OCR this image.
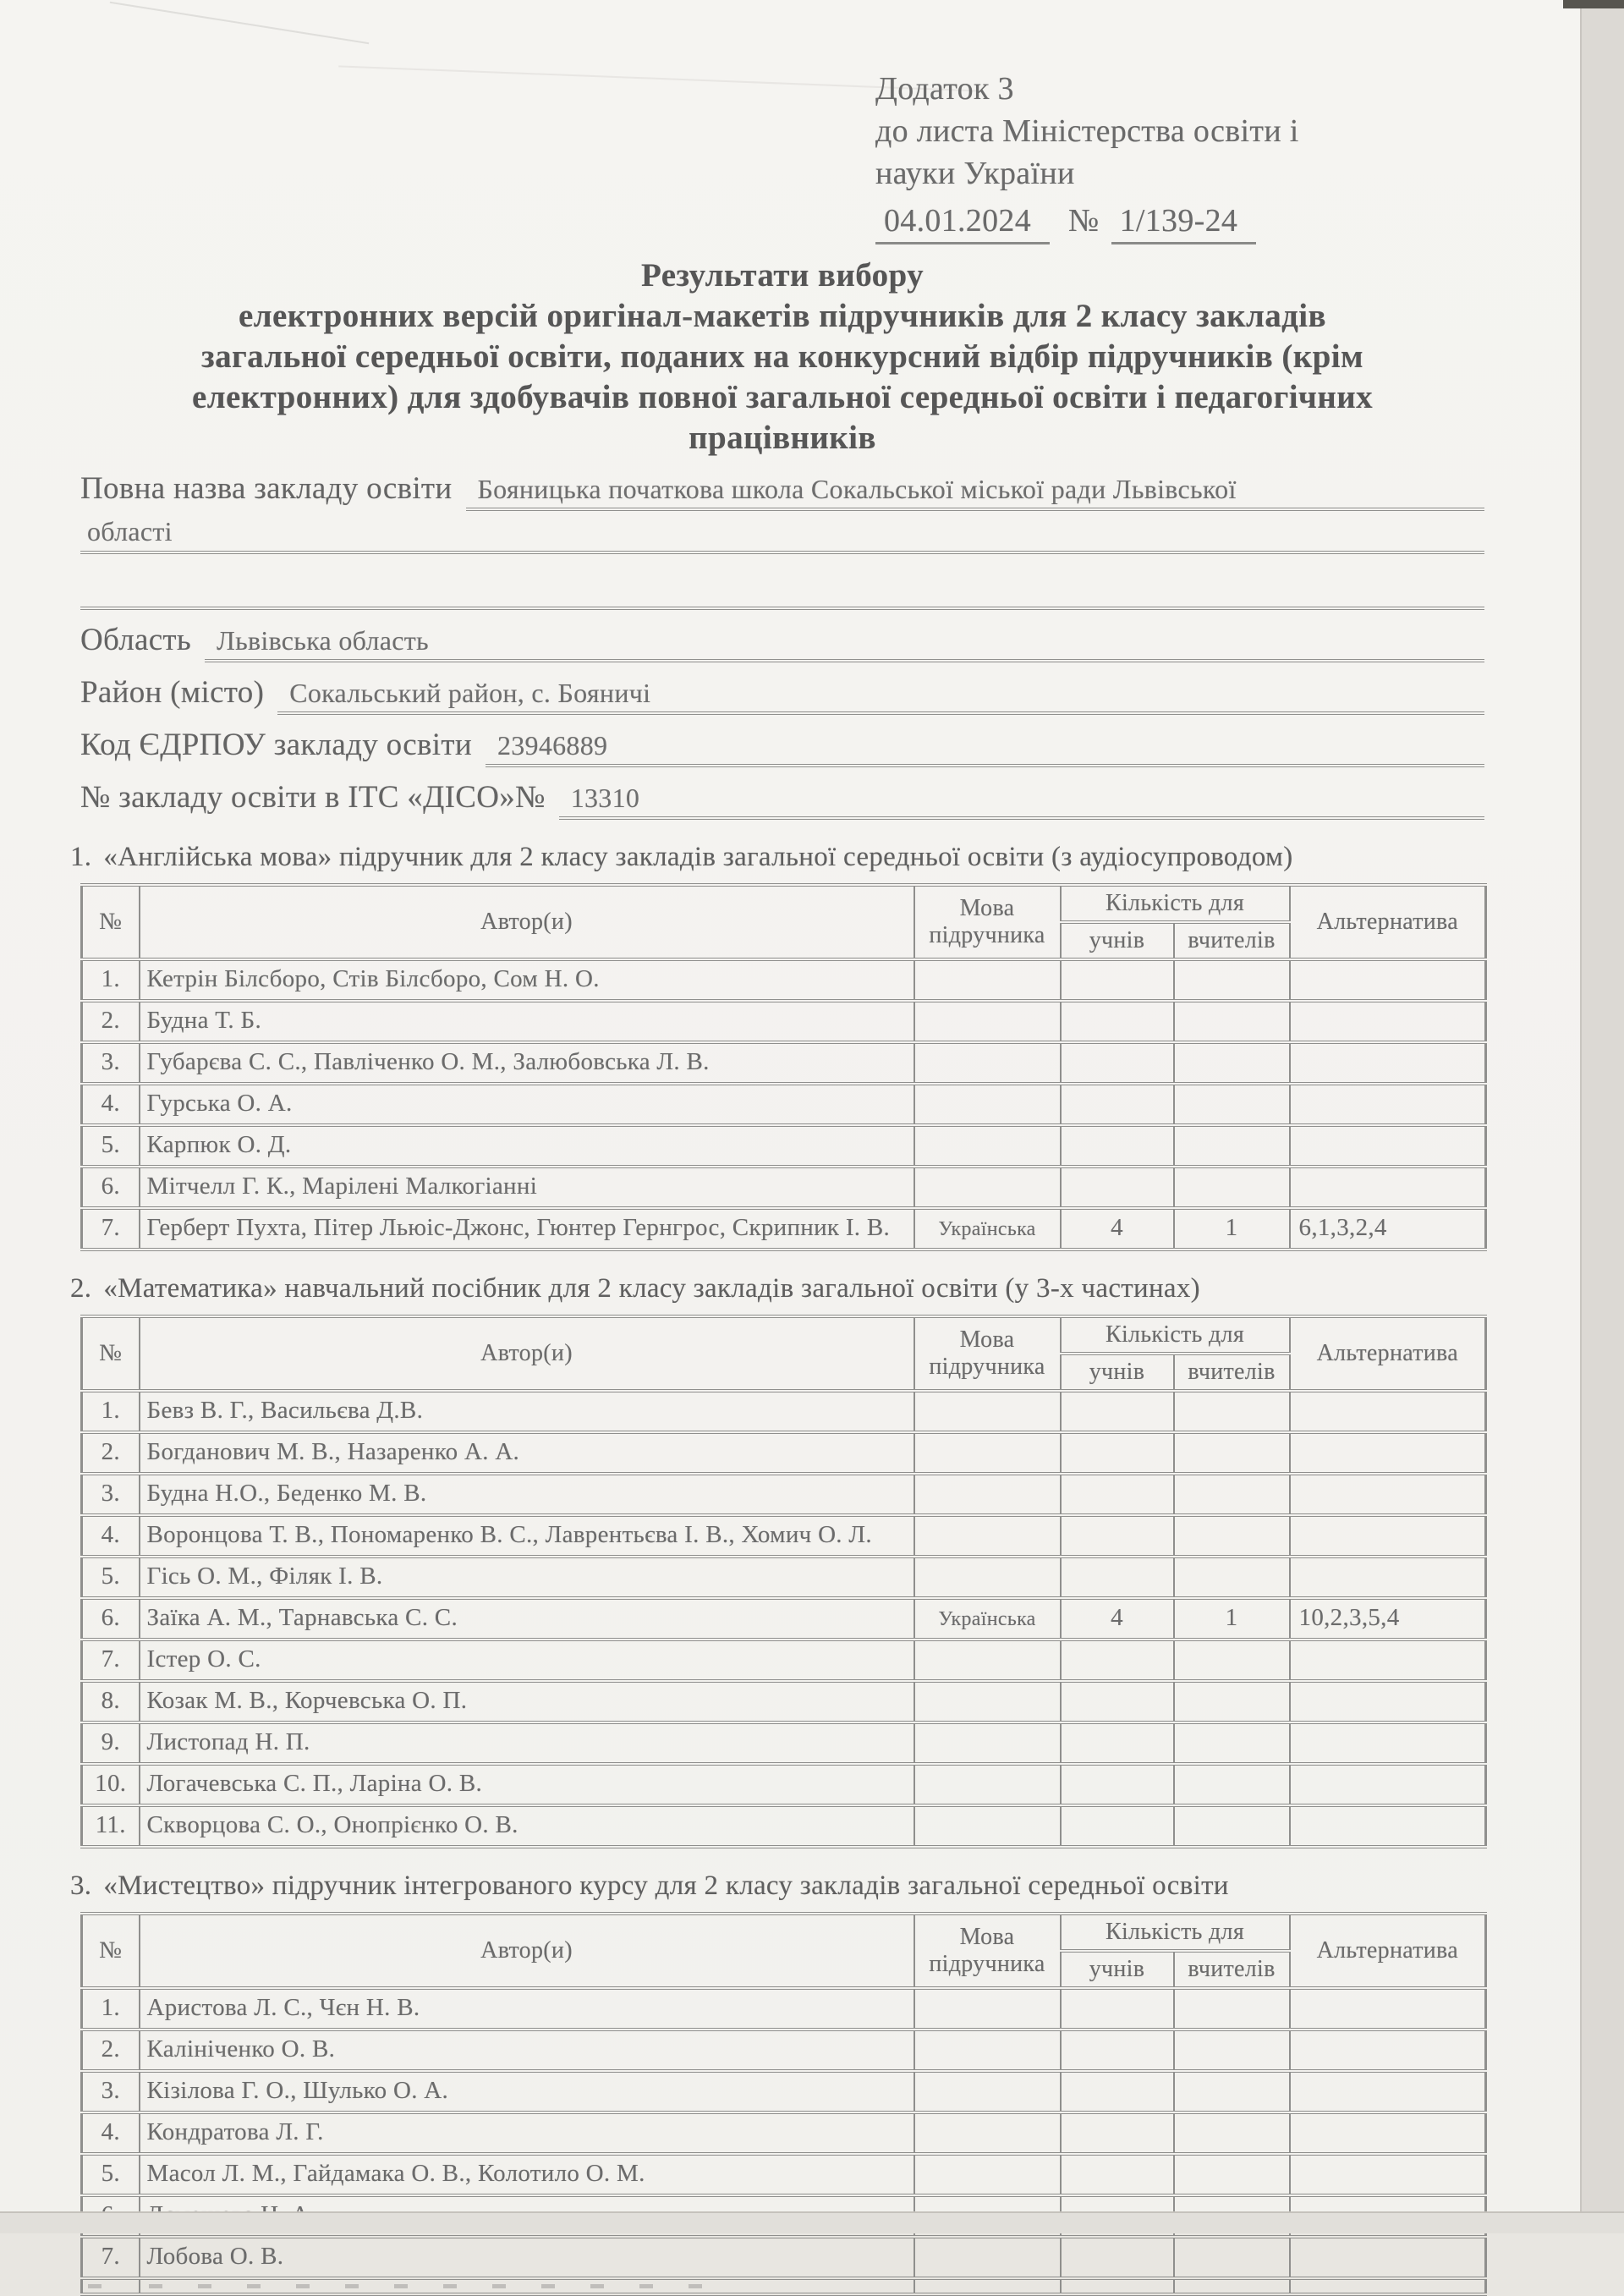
Додаток 3
до листа Міністерства освіти і
науки України
04.01.2024 № 1/139-24
Результати вибору
електронних версій оригінал-макетів підручників для 2 класу закладів
загальної середньої освіти, поданих на конкурсний відбір підручників (крім
електронних) для здобувачів повної загальної середньої освіти і педагогічних
працівників
Повна назва закладу освіти Бояницька початкова школа Сокальської міської ради Львівської
області
Область Львівська область
Район (місто) Сокальський район, с. Бояничі
Код ЄДРПОУ закладу освіти 23946889
№ закладу освіти в ІТС «ДІСО»№ 13310
1. «Англійська мова» підручник для 2 класу закладів загальної середньої освіти (з аудіосупроводом)
№	Автор(и)	Мова підручника	Кількість для		Альтернатива
			учнів	вчителів	
1.	Кетрін Білсборо, Стів Білсборо, Сом Н. О.				
2.	Будна Т. Б.				
3.	Губарєва С. С., Павліченко О. М., Залюбовська Л. В.				
4.	Гурська О. А.				
5.	Карпюк О. Д.				
6.	Мітчелл Г. К., Марілені Малкогіанні				
7.	Герберт Пухта, Пітер Льюіс-Джонс, Гюнтер Гернгрос, Скрипник І. В.	Українська	4	1	6,1,3,2,4
2. «Математика» навчальний посібник для 2 класу закладів загальної освіти (у 3-х частинах)
№	Автор(и)	Мова підручника	Кількість для		Альтернатива
			учнів	вчителів	
1.	Бевз В. Г., Васильєва Д.В.				
2.	Богданович М. В., Назаренко А. А.				
3.	Будна Н.О., Беденко М. В.				
4.	Воронцова Т. В., Пономаренко В. С., Лаврентьєва І. В., Хомич О. Л.				
5.	Гісь О. М., Філяк І. В.				
6.	Заїка А. М., Тарнавська С. С.	Українська	4	1	10,2,3,5,4
7.	Істер О. С.				
8.	Козак М. В., Корчевська О. П.				
9.	Листопад Н. П.				
10.	Логачевська С. П., Ларіна О. В.				
11.	Скворцова С. О., Онопрієнко О. В.				
3. «Мистецтво» підручник інтегрованого курсу для 2 класу закладів загальної середньої освіти
№	Автор(и)	Мова підручника	Кількість для		Альтернатива
			учнів	вчителів	
1.	Аристова Л. С., Чєн Н. В.				
2.	Калініченко О. В.				
3.	Кізілова Г. О., Шулько О. А.				
4.	Кондратова Л. Г.				
5.	Масол Л. М., Гайдамака О. В., Колотило О. М.				

7.	Лобова О. В.				
